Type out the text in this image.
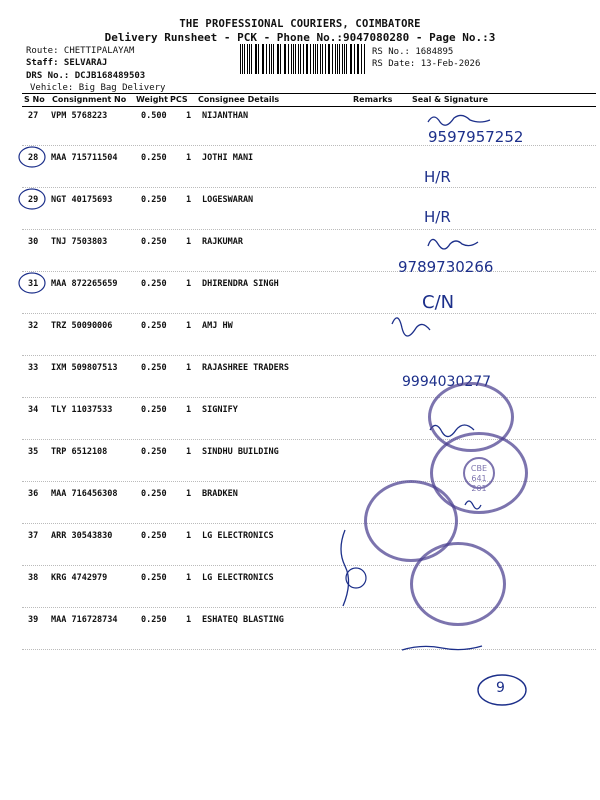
THE PROFESSIONAL COURIERS, COIMBATORE
Delivery Runsheet - PCK - Phone No.:9047080280 - Page No.:3
Route: CHETTIPALAYAM
Staff: SELVARAJ
DRS No.: DCJB168489503
Vehicle: Big Bag Delivery
RS No.: 1684895
RS Date: 13-Feb-2026
S No Consignment No Weight PCS Consignee Details	Remarks Seal & Signature
27 VPM 5768223	0.500 1 NIJANTHAN
28 MAA 715711504	0.250 1 JOTHI MANI
29 NGT 40175693	0.250 1 LOGESWARAN
30 TNJ 7503803	0.250 1 RAJKUMAR
31 MAA 872265659	0.250 1 DHIRENDRA SINGH
32 TRZ 50090006	0.250 1 AMJ HW
33 IXM 509807513	0.250 1 RAJASHREE TRADERS
34 TLY 11037533	0.250 1 SIGNIFY
35 TRP 6512108	0.250 1 SINDHU BUILDING
36 MAA 716456308	0.250 1 BRADKEN
37 ARR 30543830	0.250 1 LG ELECTRONICS
38 KRG 4742979	0.250 1 LG ELECTRONICS
39 MAA 716728734	0.250 1 ESHATEQ BLASTING
9597957252
H/R
H/R
9789730266
C/N
9994030277
9
CBE
641 201
